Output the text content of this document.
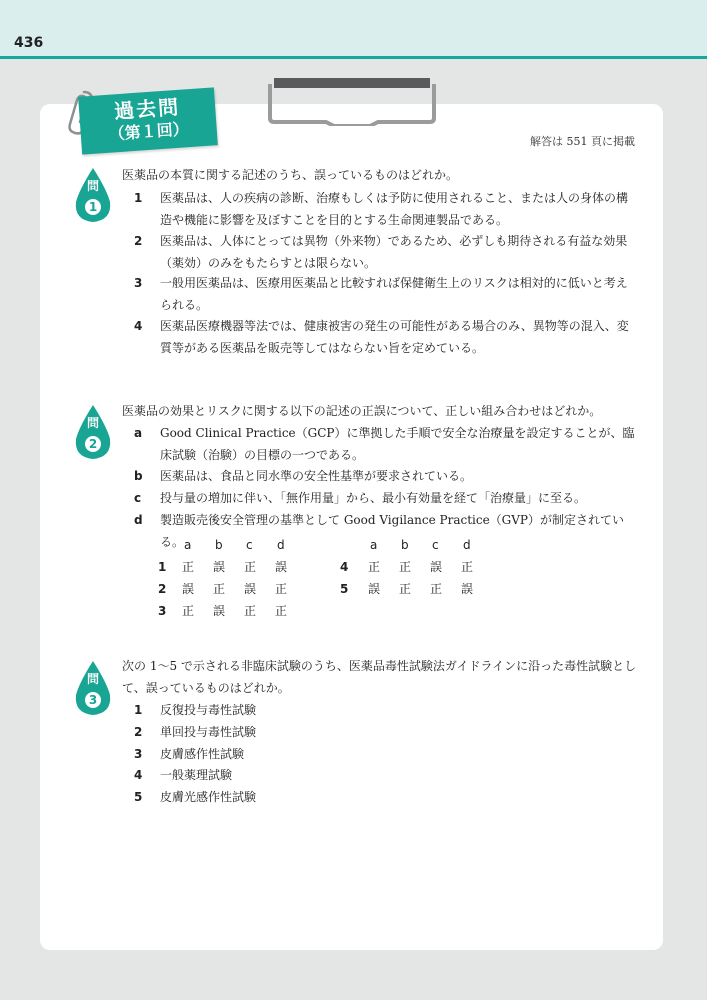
436
過去問
（第１回）	解答は 551 頁に掲載
問
1
医薬品の本質に関する記述のうち、誤っているものはどれか。
1 医薬品は、人の疾病の診断、治療もしくは予防に使用されること、または人の身体の構造や機能に影響を及ぼすことを目的とする生命関連製品である。
2 医薬品は、人体にとっては異物（外来物）であるため、必ずしも期待される有益な効果（薬効）のみをもたらすとは限らない。
3 一般用医薬品は、医療用医薬品と比較すれば保健衛生上のリスクは相対的に低いと考えられる。
4 医薬品医療機器等法では、健康被害の発生の可能性がある場合のみ、異物等の混入、変質等がある医薬品を販売等してはならない旨を定めている。
問
2
医薬品の効果とリスクに関する以下の記述の正誤について、正しい組み合わせはどれか。
a Good Clinical Practice（GCP）に準拠した手順で安全な治療量を設定することが、臨床試験（治験）の目標の一つである。
b 医薬品は、食品と同水準の安全性基準が要求されている。
c 投与量の増加に伴い、「無作用量」から、最小有効量を経て「治療量」に至る。
d 製造販売後安全管理の基準として Good Vigilance Practice（GVP）が制定されている。 a b c d
1 正 誤 正 誤
2 誤 正 誤 正
3 正 誤 正 正
a b c d
4 正 正 誤 正
5 誤 正 正 誤
問
3
次の 1〜5 で示される非臨床試験のうち、医薬品毒性試験法ガイドラインに沿った毒性試験として、誤っているものはどれか。
1 反復投与毒性試験
2 単回投与毒性試験
3 皮膚感作性試験
4 一般薬理試験
5 皮膚光感作性試験
